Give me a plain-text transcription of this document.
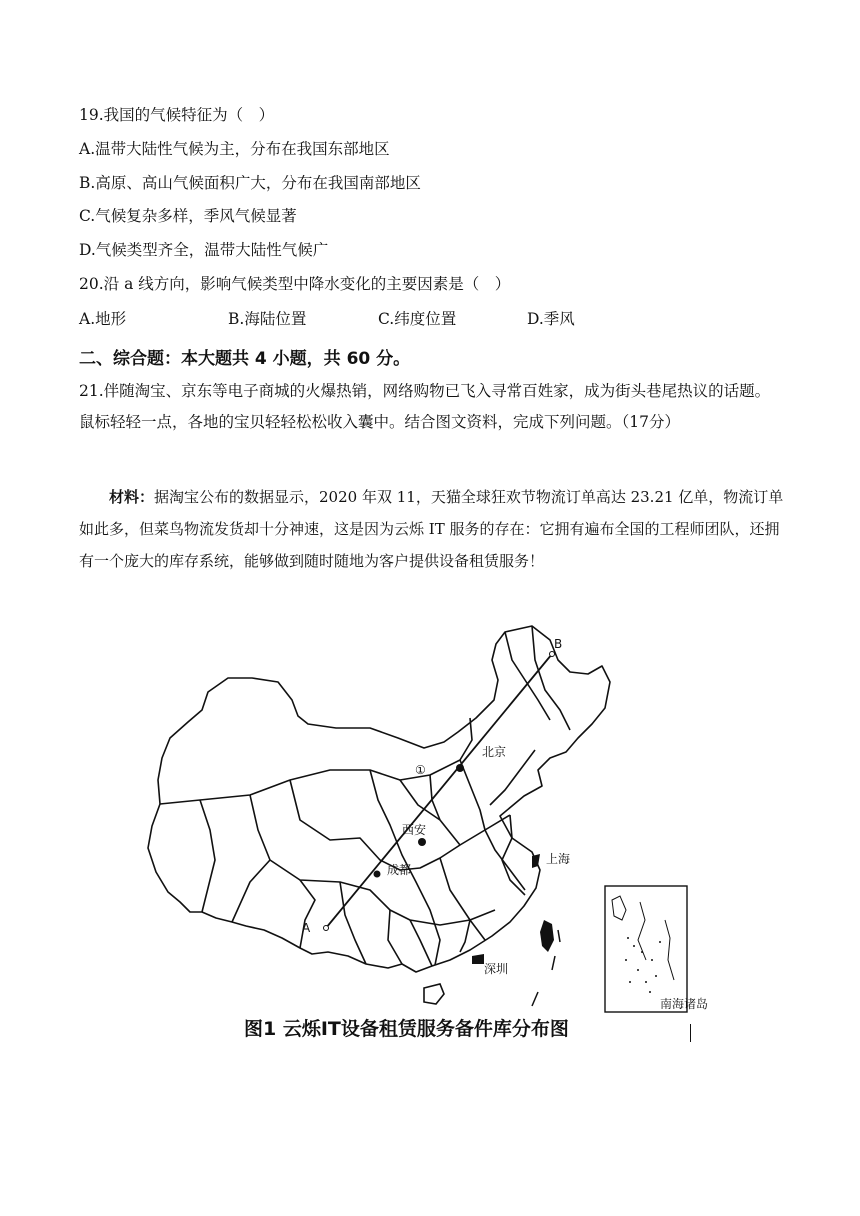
19.我国的气候特征为（　）
A.温带大陆性气候为主，分布在我国东部地区
B.高原、高山气候面积广大，分布在我国南部地区
C.气候复杂多样，季风气候显著
D.气候类型齐全，温带大陆性气候广
20.沿 a 线方向，影响气候类型中降水变化的主要因素是（　）
A.地形	B.海陆位置	C.纬度位置	D.季风
二、综合题：本大题共 4 小题，共 60 分。
21.伴随淘宝、京东等电子商城的火爆热销，网络购物已飞入寻常百姓家，成为街头巷尾热议的话题。鼠标轻轻一点，各地的宝贝轻轻松松收入囊中。结合图文资料，完成下列问题。（17分）
材料：据淘宝公布的数据显示，2020 年双 11，天猫全球狂欢节物流订单高达 23.21 亿单，物流订单如此多，但菜鸟物流发货却十分神速，这是因为云烁 IT 服务的存在：它拥有遍布全国的工程师团队，还拥有一个庞大的库存系统，能够做到随时随地为客户提供设备租赁服务！
A
B
①
北京
西安
成都
上海
深圳
南海诸岛
图1 云烁IT设备租赁服务备件库分布图
